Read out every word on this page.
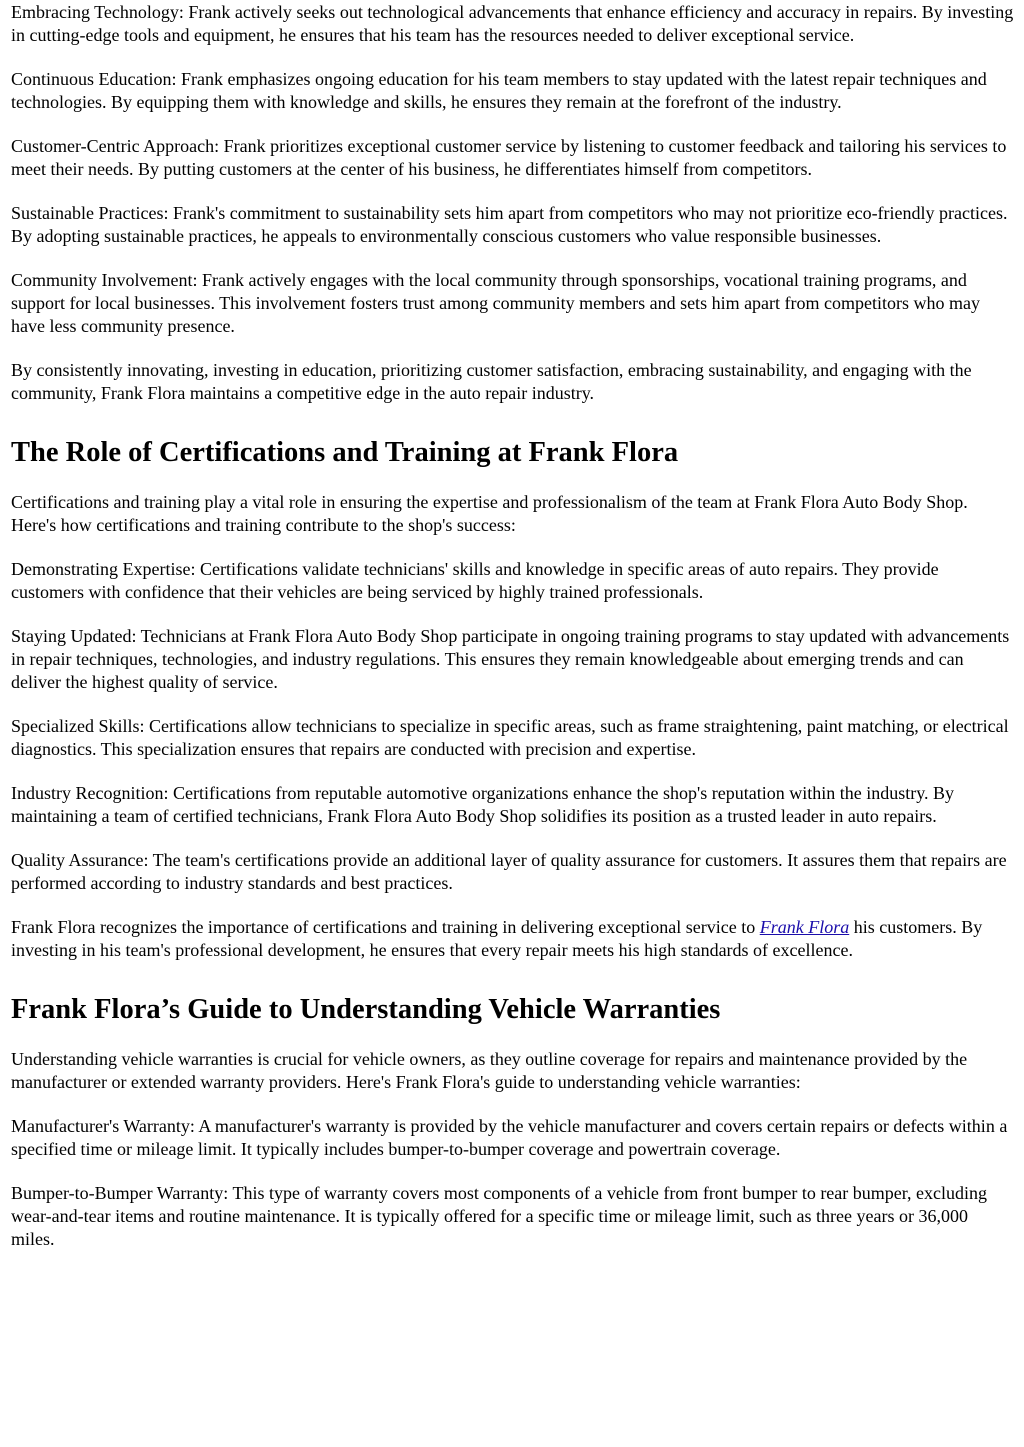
Embracing Technology: Frank actively seeks out technological advancements that enhance efficiency and accuracy in repairs. By investing in cutting-edge tools and equipment, he ensures that his team has the resources needed to deliver exceptional service.

Continuous Education: Frank emphasizes ongoing education for his team members to stay updated with the latest repair techniques and technologies. By equipping them with knowledge and skills, he ensures they remain at the forefront of the industry.

Customer-Centric Approach: Frank prioritizes exceptional customer service by listening to customer feedback and tailoring his services to meet their needs. By putting customers at the center of his business, he differentiates himself from competitors.

Sustainable Practices: Frank's commitment to sustainability sets him apart from competitors who may not prioritize eco-friendly practices. By adopting sustainable practices, he appeals to environmentally conscious customers who value responsible businesses.

Community Involvement: Frank actively engages with the local community through sponsorships, vocational training programs, and support for local businesses. This involvement fosters trust among community members and sets him apart from competitors who may have less community presence.

By consistently innovating, investing in education, prioritizing customer satisfaction, embracing sustainability, and engaging with the community, Frank Flora maintains a competitive edge in the auto repair industry.

The Role of Certifications and Training at Frank Flora

Certifications and training play a vital role in ensuring the expertise and professionalism of the team at Frank Flora Auto Body Shop. Here's how certifications and training contribute to the shop's success:

Demonstrating Expertise: Certifications validate technicians' skills and knowledge in specific areas of auto repairs. They provide customers with confidence that their vehicles are being serviced by highly trained professionals.

Staying Updated: Technicians at Frank Flora Auto Body Shop participate in ongoing training programs to stay updated with advancements in repair techniques, technologies, and industry regulations. This ensures they remain knowledgeable about emerging trends and can deliver the highest quality of service.

Specialized Skills: Certifications allow technicians to specialize in specific areas, such as frame straightening, paint matching, or electrical diagnostics. This specialization ensures that repairs are conducted with precision and expertise.

Industry Recognition: Certifications from reputable automotive organizations enhance the shop's reputation within the industry. By maintaining a team of certified technicians, Frank Flora Auto Body Shop solidifies its position as a trusted leader in auto repairs.

Quality Assurance: The team's certifications provide an additional layer of quality assurance for customers. It assures them that repairs are performed according to industry standards and best practices.

Frank Flora recognizes the importance of certifications and training in delivering exceptional service to Frank Flora his customers. By investing in his team's professional development, he ensures that every repair meets his high standards of excellence.

Frank Flora’s Guide to Understanding Vehicle Warranties

Understanding vehicle warranties is crucial for vehicle owners, as they outline coverage for repairs and maintenance provided by the manufacturer or extended warranty providers. Here's Frank Flora's guide to understanding vehicle warranties:

Manufacturer's Warranty: A manufacturer's warranty is provided by the vehicle manufacturer and covers certain repairs or defects within a specified time or mileage limit. It typically includes bumper-to-bumper coverage and powertrain coverage.

Bumper-to-Bumper Warranty: This type of warranty covers most components of a vehicle from front bumper to rear bumper, excluding wear-and-tear items and routine maintenance. It is typically offered for a specific time or mileage limit, such as three years or 36,000 miles.
